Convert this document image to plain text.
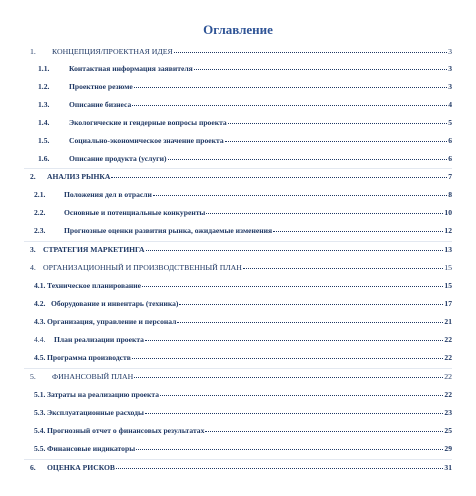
Оглавление
1.	КОНЦЕПЦИЯ/ПРОЕКТНАЯ ИДЕЯ	3
1.1.	Контактная информация заявителя	3
1.2.	Проектное резюме	3
1.3.	Описание бизнеса	4
1.4.	Экологические и гендерные вопросы проекта	5
1.5.	Социально-экономическое значение проекта	6
1.6.	Описание продукта (услуги)	6
2.	АНАЛИЗ РЫНКА	7
2.1.	Положения дел в отрасли	8
2.2.	Основные и потенциальные конкуренты	10
2.3.	Прогнозные оценки развития рынка, ожидаемые изменения	12
3. СТРАТЕГИЯ МАРКЕТИНГА	13
4. ОРГАНИЗАЦИОННЫЙ И ПРОИЗВОДСТВЕННЫЙ ПЛАН	15
4.1. Техническое планирование	15
4.2. Оборудование и инвентарь (техника)	17
4.3. Организация, управление и персонал	21
4.4.	План реализации проекта	22
4.5. Программа производств	22
5.	ФИНАНСОВЫЙ ПЛАН	22
5.1. Затраты на реализацию проекта	22
5.3. Эксплуатационные расходы	23
5.4. Прогнозный отчет о финансовых результатах	25
5.5. Финансовые индикаторы	29
6.	ОЦЕНКА РИСКОВ	31
